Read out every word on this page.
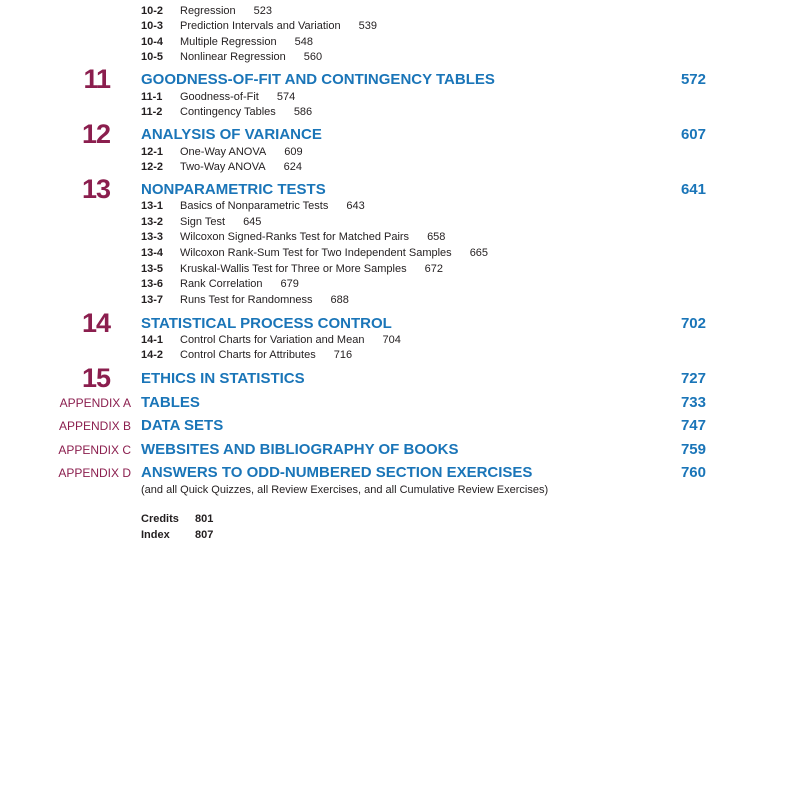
10-2 Regression 523
10-3 Prediction Intervals and Variation 539
10-4 Multiple Regression 548
10-5 Nonlinear Regression 560
11 GOODNESS-OF-FIT AND CONTINGENCY TABLES	572
11-1 Goodness-of-Fit 574
11-2 Contingency Tables 586
12 ANALYSIS OF VARIANCE	607
12-1 One-Way ANOVA 609
12-2 Two-Way ANOVA 624
13 NONPARAMETRIC TESTS	641
13-1 Basics of Nonparametric Tests 643
13-2 Sign Test 645
13-3 Wilcoxon Signed-Ranks Test for Matched Pairs 658
13-4 Wilcoxon Rank-Sum Test for Two Independent Samples 665
13-5 Kruskal-Wallis Test for Three or More Samples 672
13-6 Rank Correlation 679
13-7 Runs Test for Randomness 688
14 STATISTICAL PROCESS CONTROL	702
14-1 Control Charts for Variation and Mean 704
14-2 Control Charts for Attributes 716
15 ETHICS IN STATISTICS	727
APPENDIX A TABLES	733
APPENDIX B DATA SETS	747
APPENDIX C WEBSITES AND BIBLIOGRAPHY OF BOOKS	759
APPENDIX D ANSWERS TO ODD-NUMBERED SECTION EXERCISES	760
(and all Quick Quizzes, all Review Exercises, and all Cumulative Review Exercises)
Credits 801
Index 807
